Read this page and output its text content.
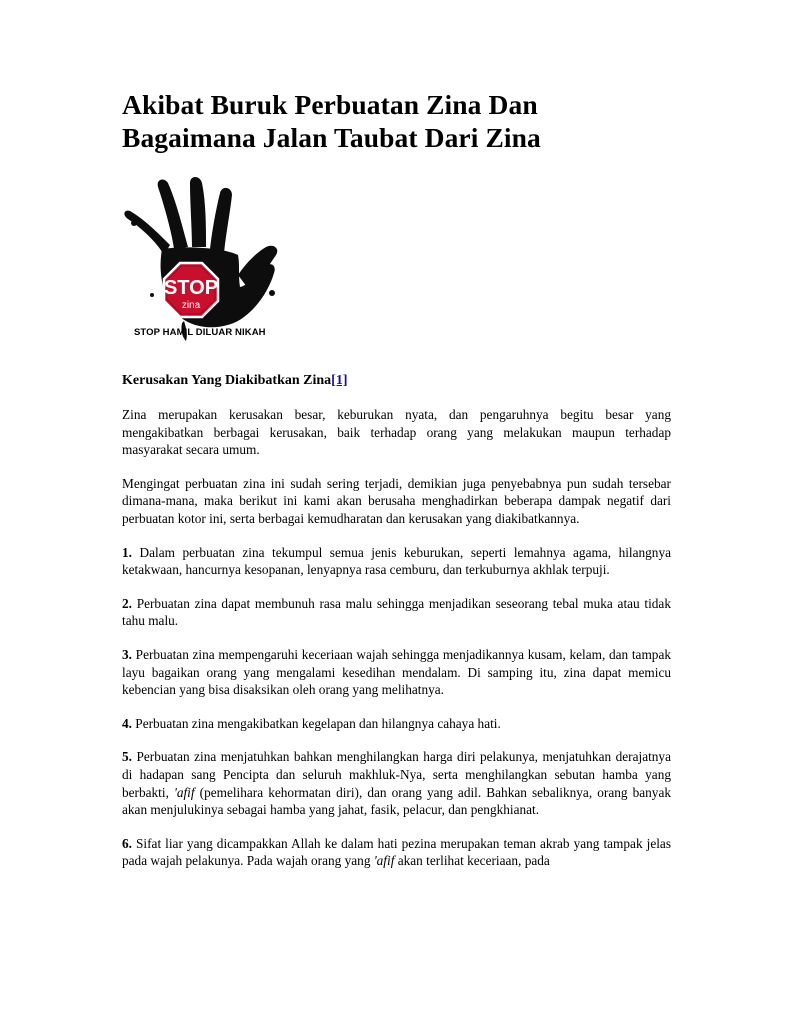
Akibat Buruk Perbuatan Zina Dan
Bagaimana Jalan Taubat Dari Zina
STOP
zina
STOP HAMIL DILUAR NIKAH
Kerusakan Yang Diakibatkan Zina[1]

Zina merupakan kerusakan besar, keburukan nyata, dan pengaruhnya begitu besar yang mengakibatkan berbagai kerusakan, baik terhadap orang yang melakukan maupun terhadap masyarakat secara umum.

Mengingat perbuatan zina ini sudah sering terjadi, demikian juga penyebabnya pun sudah tersebar dimana-mana, maka berikut ini kami akan berusaha menghadirkan beberapa dampak negatif dari perbuatan kotor ini, serta berbagai kemudharatan dan kerusakan yang diakibatkannya.

1. Dalam perbuatan zina tekumpul semua jenis keburukan, seperti lemahnya agama, hilangnya ketakwaan, hancurnya kesopanan, lenyapnya rasa cemburu, dan terkuburnya akhlak terpuji.

2. Perbuatan zina dapat membunuh rasa malu sehingga menjadikan seseorang tebal muka atau tidak tahu malu.

3. Perbuatan zina mempengaruhi keceriaan wajah sehingga menjadikannya kusam, kelam, dan tampak layu bagaikan orang yang mengalami kesedihan mendalam. Di samping itu, zina dapat memicu kebencian yang bisa disaksikan oleh orang yang melihatnya.

4. Perbuatan zina mengakibatkan kegelapan dan hilangnya cahaya hati.

5. Perbuatan zina menjatuhkan bahkan menghilangkan harga diri pelakunya, menjatuhkan derajatnya di hadapan sang Pencipta dan seluruh makhluk-Nya, serta menghilangkan sebutan hamba yang berbakti, 'afif (pemelihara kehormatan diri), dan orang yang adil. Bahkan sebaliknya, orang banyak akan menjulukinya sebagai hamba yang jahat, fasik, pelacur, dan pengkhianat.

6. Sifat liar yang dicampakkan Allah ke dalam hati pezina merupakan teman akrab yang tampak jelas pada wajah pelakunya. Pada wajah orang yang 'afif akan terlihat keceriaan, pada
